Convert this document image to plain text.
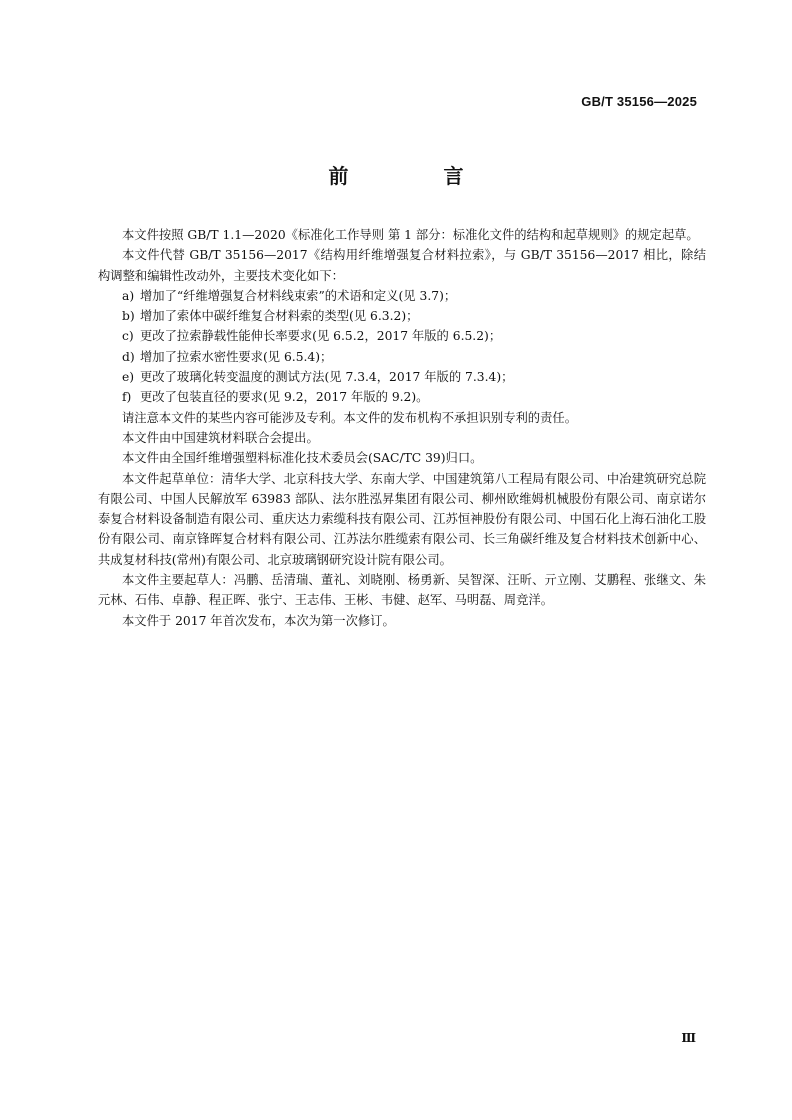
GB/T 35156—2025
前 言

本文件按照 GB/T 1.1—2020《标准化工作导则 第 1 部分：标准化文件的结构和起草规则》的规定起草。

本文件代替 GB/T 35156—2017《结构用纤维增强复合材料拉索》，与 GB/T 35156—2017 相比，除结构调整和编辑性改动外，主要技术变化如下：

a) 增加了“纤维增强复合材料线束索”的术语和定义(见 3.7)；
b) 增加了索体中碳纤维复合材料索的类型(见 6.3.2)；
c) 更改了拉索静载性能伸长率要求(见 6.5.2，2017 年版的 6.5.2)；
d) 增加了拉索水密性要求(见 6.5.4)；
e) 更改了玻璃化转变温度的测试方法(见 7.3.4，2017 年版的 7.3.4)；
f) 更改了包装直径的要求(见 9.2，2017 年版的 9.2)。

请注意本文件的某些内容可能涉及专利。本文件的发布机构不承担识别专利的责任。

本文件由中国建筑材料联合会提出。

本文件由全国纤维增强塑料标准化技术委员会(SAC/TC 39)归口。

本文件起草单位：清华大学、北京科技大学、东南大学、中国建筑第八工程局有限公司、中冶建筑研究总院有限公司、中国人民解放军 63983 部队、法尔胜泓昇集团有限公司、柳州欧维姆机械股份有限公司、南京诺尔泰复合材料设备制造有限公司、重庆达力索缆科技有限公司、江苏恒神股份有限公司、中国石化上海石油化工股份有限公司、南京锋晖复合材料有限公司、江苏法尔胜缆索有限公司、长三角碳纤维及复合材料技术创新中心、共成复材科技(常州)有限公司、北京玻璃钢研究设计院有限公司。

本文件主要起草人：冯鹏、岳清瑞、董礼、刘晓刚、杨勇新、吴智深、汪昕、亓立刚、艾鹏程、张继文、朱元林、石伟、卓静、程正晖、张宁、王志伟、王彬、韦健、赵军、马明磊、周竞洋。

本文件于 2017 年首次发布，本次为第一次修订。

Ⅲ
